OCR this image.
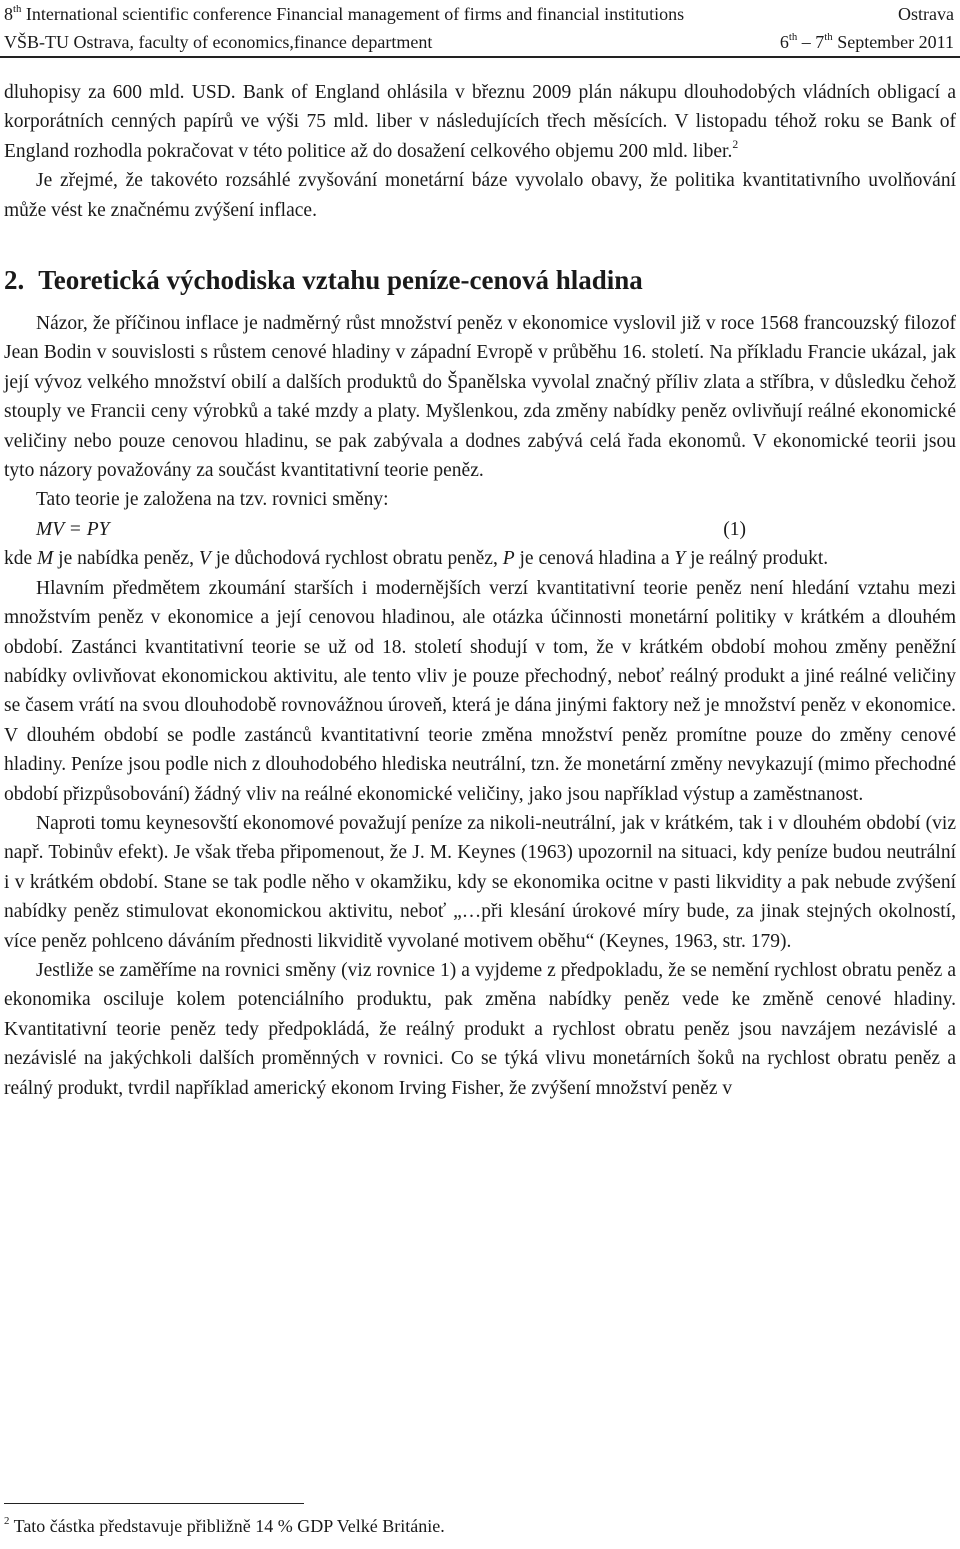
8th International scientific conference Financial management of firms and financial institutions	Ostrava
VŠB-TU Ostrava, faculty of economics,finance department	6th – 7th September 2011

dluhopisy za 600 mld. USD. Bank of England ohlásila v březnu 2009 plán nákupu dlouhodobých vládních obligací a korporátních cenných papírů ve výši 75 mld. liber v následujících třech měsících. V listopadu téhož roku se Bank of England rozhodla pokračovat v této politice až do dosažení celkového objemu 200 mld. liber.$^2$

Je zřejmé, že takovéto rozsáhlé zvyšování monetární báze vyvolalo obavy, že politika kvantitativního uvolňování může vést ke značnému zvýšení inflace.

2. Teoretická východiska vztahu peníze-cenová hladina

Názor, že příčinou inflace je nadměrný růst množství peněz v ekonomice vyslovil již v roce 1568 francouzský filozof Jean Bodin v souvislosti s růstem cenové hladiny v západní Evropě v průběhu 16. století. Na příkladu Francie ukázal, jak její vývoz velkého množství obilí a dalších produktů do Španělska vyvolal značný příliv zlata a stříbra, v důsledku čehož stouply ve Francii ceny výrobků a také mzdy a platy. Myšlenkou, zda změny nabídky peněz ovlivňují reálné ekonomické veličiny nebo pouze cenovou hladinu, se pak zabývala a dodnes zabývá celá řada ekonomů. V ekonomické teorii jsou tyto názory považovány za součást kvantitativní teorie peněz.

Tato teorie je založena na tzv. rovnici směny:

MV = PY	(1)

kde M je nabídka peněz, V je důchodová rychlost obratu peněz, P je cenová hladina a Y je reálný produkt.

Hlavním předmětem zkoumání starších i modernějších verzí kvantitativní teorie peněz není hledání vztahu mezi množstvím peněz v ekonomice a její cenovou hladinou, ale otázka účinnosti monetární politiky v krátkém a dlouhém období. Zastánci kvantitativní teorie se už od 18. století shodují v tom, že v krátkém období mohou změny peněžní nabídky ovlivňovat ekonomickou aktivitu, ale tento vliv je pouze přechodný, neboť reálný produkt a jiné reálné veličiny se časem vrátí na svou dlouhodobě rovnovážnou úroveň, která je dána jinými faktory než je množství peněz v ekonomice. V dlouhém období se podle zastánců kvantitativní teorie změna množství peněz promítne pouze do změny cenové hladiny. Peníze jsou podle nich z dlouhodobého hlediska neutrální, tzn. že monetární změny nevykazují (mimo přechodné období přizpůsobování) žádný vliv na reálné ekonomické veličiny, jako jsou například výstup a zaměstnanost.

Naproti tomu keynesovští ekonomové považují peníze za nikoli-neutrální, jak v krátkém, tak i v dlouhém období (viz např. Tobinův efekt). Je však třeba připomenout, že J. M. Keynes (1963) upozornil na situaci, kdy peníze budou neutrální i v krátkém období. Stane se tak podle něho v okamžiku, kdy se ekonomika ocitne v pasti likvidity a pak nebude zvýšení nabídky peněz stimulovat ekonomickou aktivitu, neboť „…při klesání úrokové míry bude, za jinak stejných okolností, více peněz pohlceno dáváním přednosti likviditě vyvolané motivem oběhu“ (Keynes, 1963, str. 179).

Jestliže se zaměříme na rovnici směny (viz rovnice 1) a vyjdeme z předpokladu, že se nemění rychlost obratu peněz a ekonomika osciluje kolem potenciálního produktu, pak změna nabídky peněz vede ke změně cenové hladiny. Kvantitativní teorie peněz tedy předpokládá, že reálný produkt a rychlost obratu peněz jsou navzájem nezávislé a nezávislé na jakýchkoli dalších proměnných v rovnici. Co se týká vlivu monetárních šoků na rychlost obratu peněz a reálný produkt, tvrdil například americký ekonom Irving Fisher, že zvýšení množství peněz v

$^2$ Tato částka představuje přibližně 14 % GDP Velké Británie.
